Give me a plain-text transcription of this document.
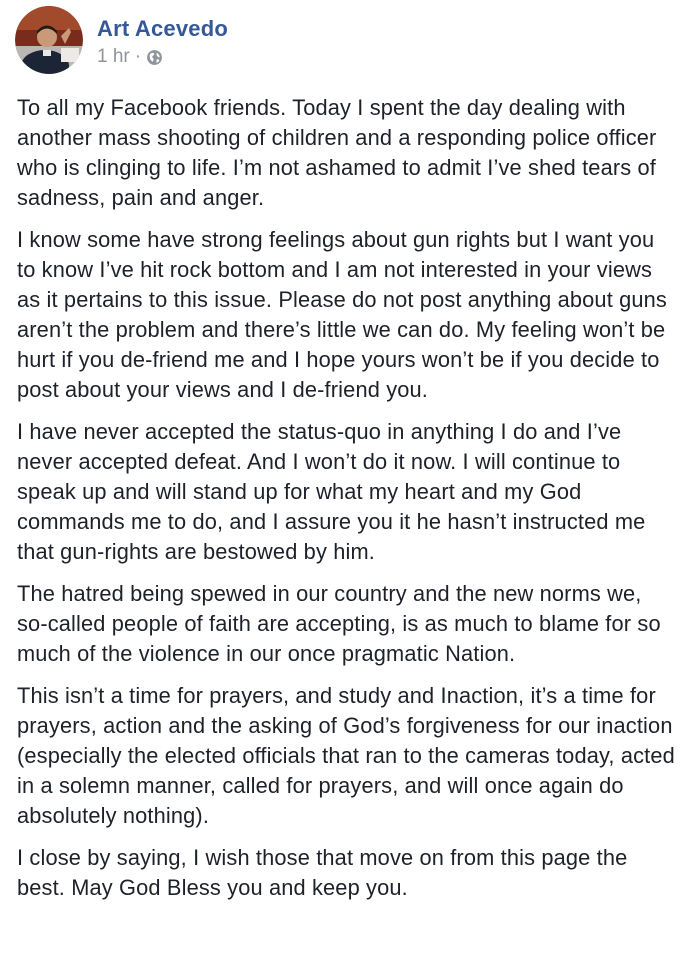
Art Acevedo
1 hr ·

To all my Facebook friends. Today I spent the day dealing with another mass shooting of children and a responding police officer who is clinging to life. I’m not ashamed to admit I’ve shed tears of sadness, pain and anger.

I know some have strong feelings about gun rights but I want you to know I’ve hit rock bottom and I am not interested in your views as it pertains to this issue. Please do not post anything about guns aren’t the problem and there’s little we can do. My feeling won’t be hurt if you de-friend me and I hope yours won’t be if you decide to post about your views and I de-friend you.

I have never accepted the status-quo in anything I do and I’ve never accepted defeat. And I won’t do it now. I will continue to speak up and will stand up for what my heart and my God commands me to do, and I assure you it he hasn’t instructed me that gun-rights are bestowed by him.

The hatred being spewed in our country and the new norms we, so-called people of faith are accepting, is as much to blame for so much of the violence in our once pragmatic Nation.

This isn’t a time for prayers, and study and Inaction, it’s a time for prayers, action and the asking of God’s forgiveness for our inaction (especially the elected officials that ran to the cameras today, acted in a solemn manner, called for prayers, and will once again do absolutely nothing).

I close by saying, I wish those that move on from this page the best. May God Bless you and keep you.
